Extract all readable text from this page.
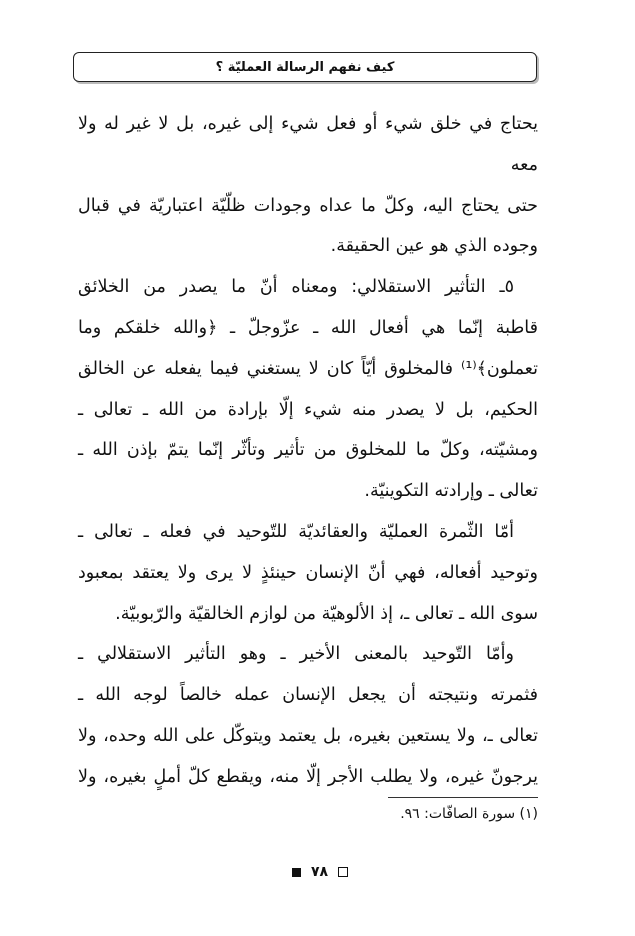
كيف نفهم الرسالة العمليّة ؟

يحتاج في خلق شيء أو فعل شيء إلى غيره، بل لا غير له ولا معه
حتى يحتاج اليه، وكلّ ما عداه وجودات ظلّيّة اعتباريّة في قبال
وجوده الذي هو عين الحقيقة.

٥ـ التأثير الاستقلالي: ومعناه أنّ ما يصدر من الخلائق
قاطبة إنّما هي أفعال الله ـ عزّوجلّ ـ ﴿والله خلقكم وما
تعملون﴾⁽¹⁾ فالمخلوق أيّاً كان لا يستغني فيما يفعله عن الخالق
الحكيم، بل لا يصدر منه شيء إلّا بإرادة من الله ـ تعالى ـ
ومشيّته، وكلّ ما للمخلوق من تأثير وتأثّر إنّما يتمّ بإذن الله ـ
تعالى ـ وإرادته التكوينيّة.

أمّا الثّمرة العمليّة والعقائديّة للتّوحيد في فعله ـ تعالى ـ
وتوحيد أفعاله، فهي أنّ الإنسان حينئذٍ لا يرى ولا يعتقد بمعبود
سوى الله ـ تعالى ـ، إذ الألوهيّة من لوازم الخالقيّة والرّبوبيّة.

وأمّا التّوحيد بالمعنى الأخير ـ وهو التأثير الاستقلالي ـ
فثمرته ونتيجته أن يجعل الإنسان عمله خالصاً لوجه الله ـ
تعالى ـ، ولا يستعين بغيره، بل يعتمد ويتوكّل على الله وحده، ولا
يرجونّ غيره، ولا يطلب الأجر إلّا منه، ويقطع كلّ أملٍ بغيره، ولا

(١) سورة الصافّات: ٩٦.
٧٨
